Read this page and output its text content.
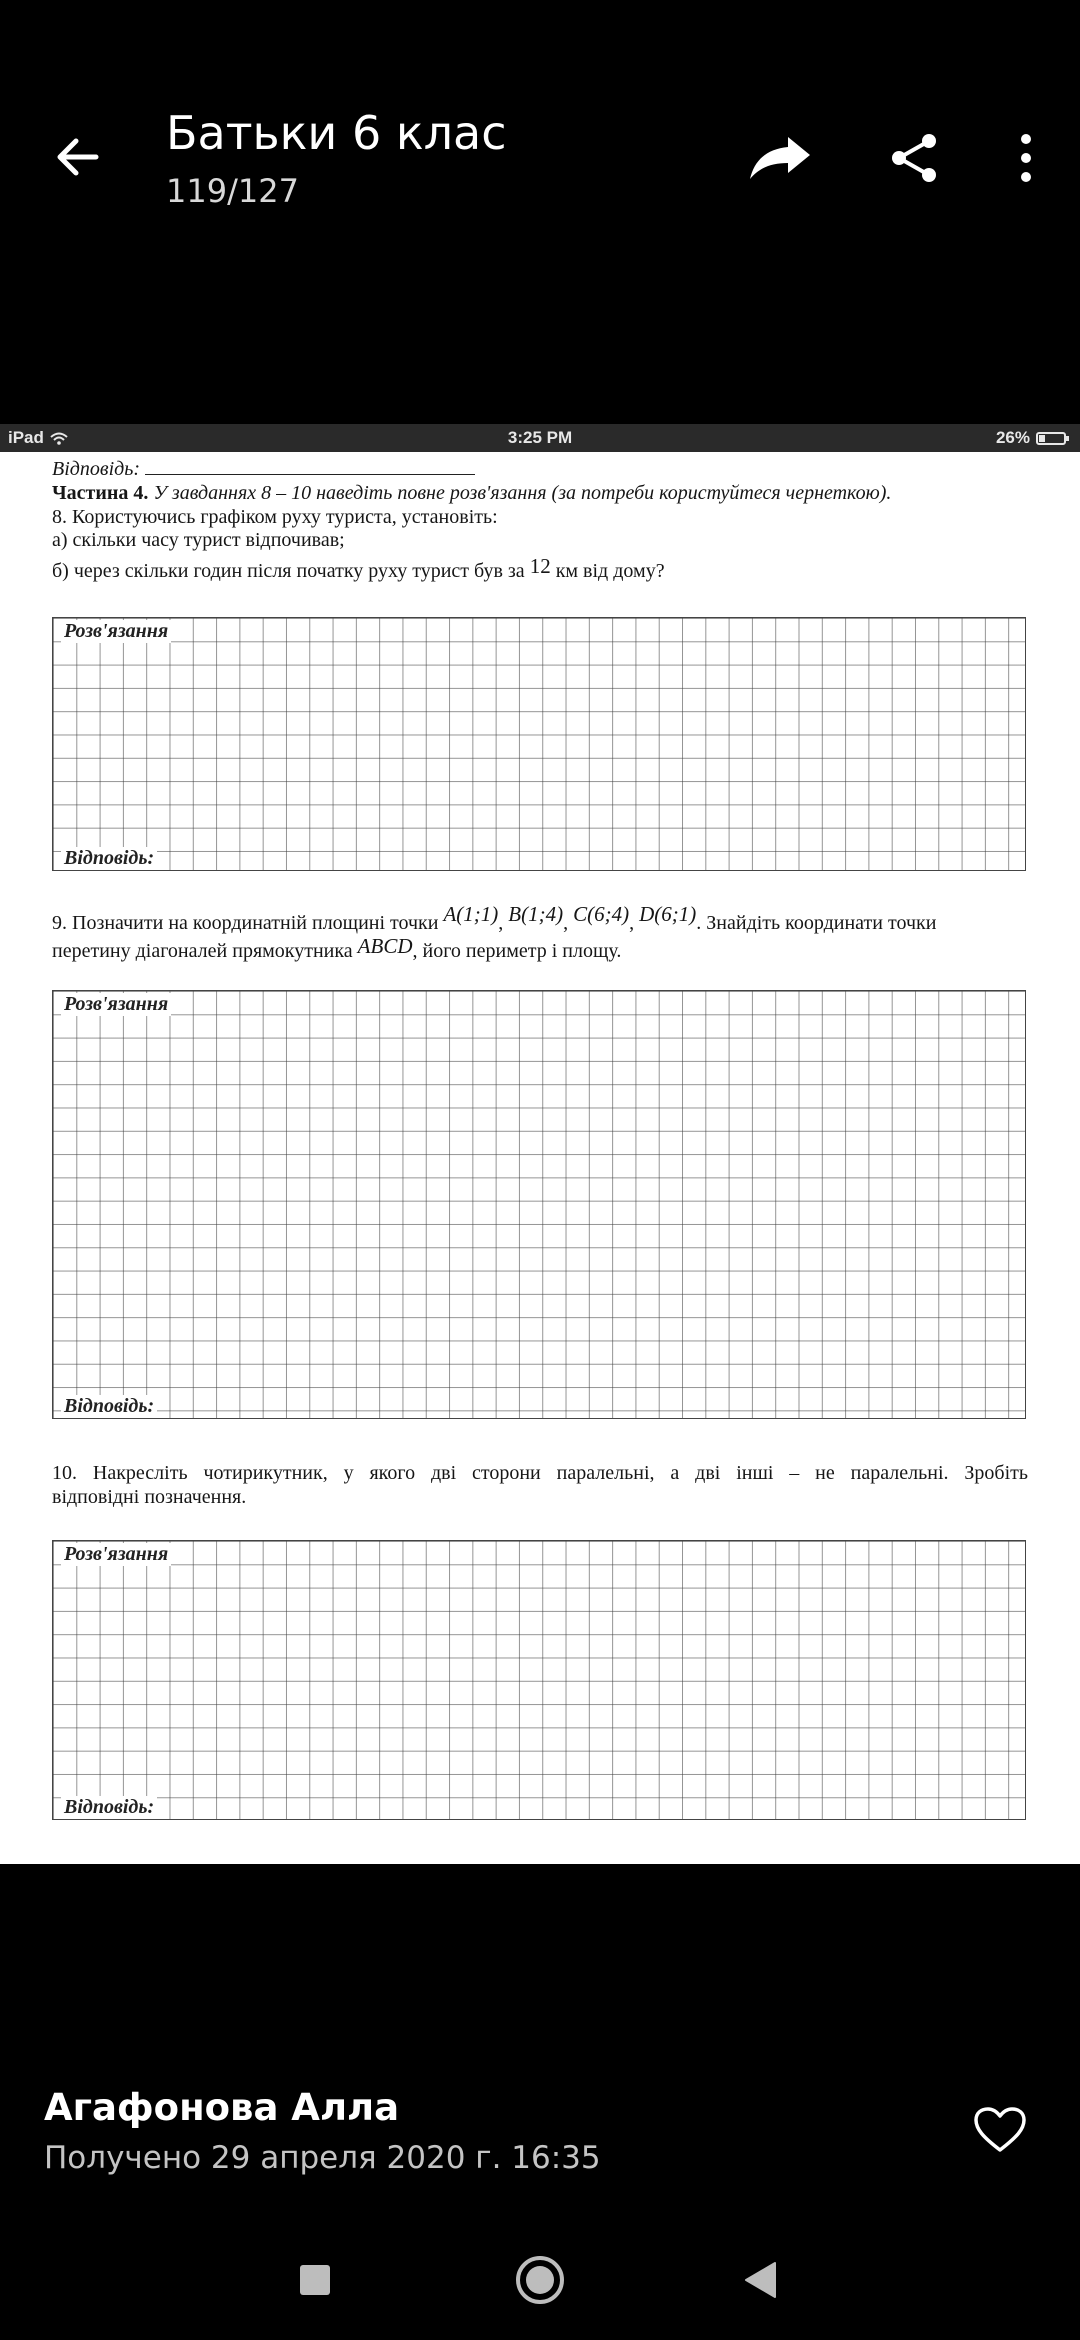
Батьки 6 клас
119/127
iPad	3:25 PM	26%
Відповідь:
Частина 4. У завданнях 8 – 10 наведіть повне розв'язання (за потреби користуйтеся чернеткою).
8. Користуючись графіком руху туриста, установіть:
а) скільки часу турист відпочивав;
б) через скільки годин після початку руху турист був за 12 км від дому?
Розв'язання
Відповідь:
9. Позначити на координатній площині точки A(1;1), B(1;4), C(6;4), D(6;1). Знайдіть координати точки
перетину діагоналей прямокутника ABCD, його периметр і площу.
Розв'язання
Відповідь:
10. Накресліть чотирикутник, у якого дві сторони паралельні, а дві інші – не паралельні. Зробіть
відповідні позначення.
Розв'язання
Відповідь:
Агафонова Алла
Получено 29 апреля 2020 г. 16:35
